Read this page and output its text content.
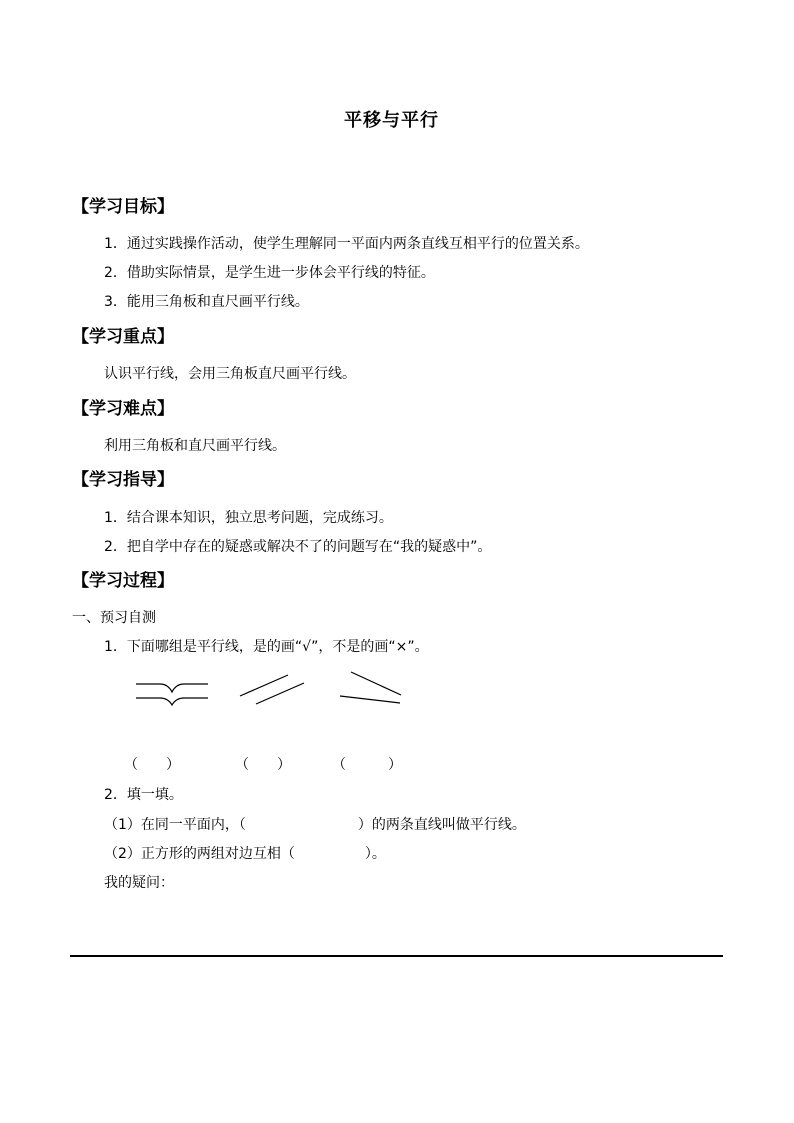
平移与平行
【学习目标】
1．通过实践操作活动，使学生理解同一平面内两条直线互相平行的位置关系。
2．借助实际情景，是学生进一步体会平行线的特征。
3．能用三角板和直尺画平行线。
【学习重点】
认识平行线，会用三角板直尺画平行线。
【学习难点】
利用三角板和直尺画平行线。
【学习指导】
1．结合课本知识，独立思考问题，完成练习。
2．把自学中存在的疑惑或解决不了的问题写在“我的疑惑中”。
【学习过程】
一、预习自测
1．下面哪组是平行线，是的画“√”，不是的画“×”。
（　　）	（　　）	（　　　）
2．填一填。
（1）在同一平面内，（　　　　　　　　）的两条直线叫做平行线。
（2）正方形的两组对边互相（　　　　　）。
我的疑问：
